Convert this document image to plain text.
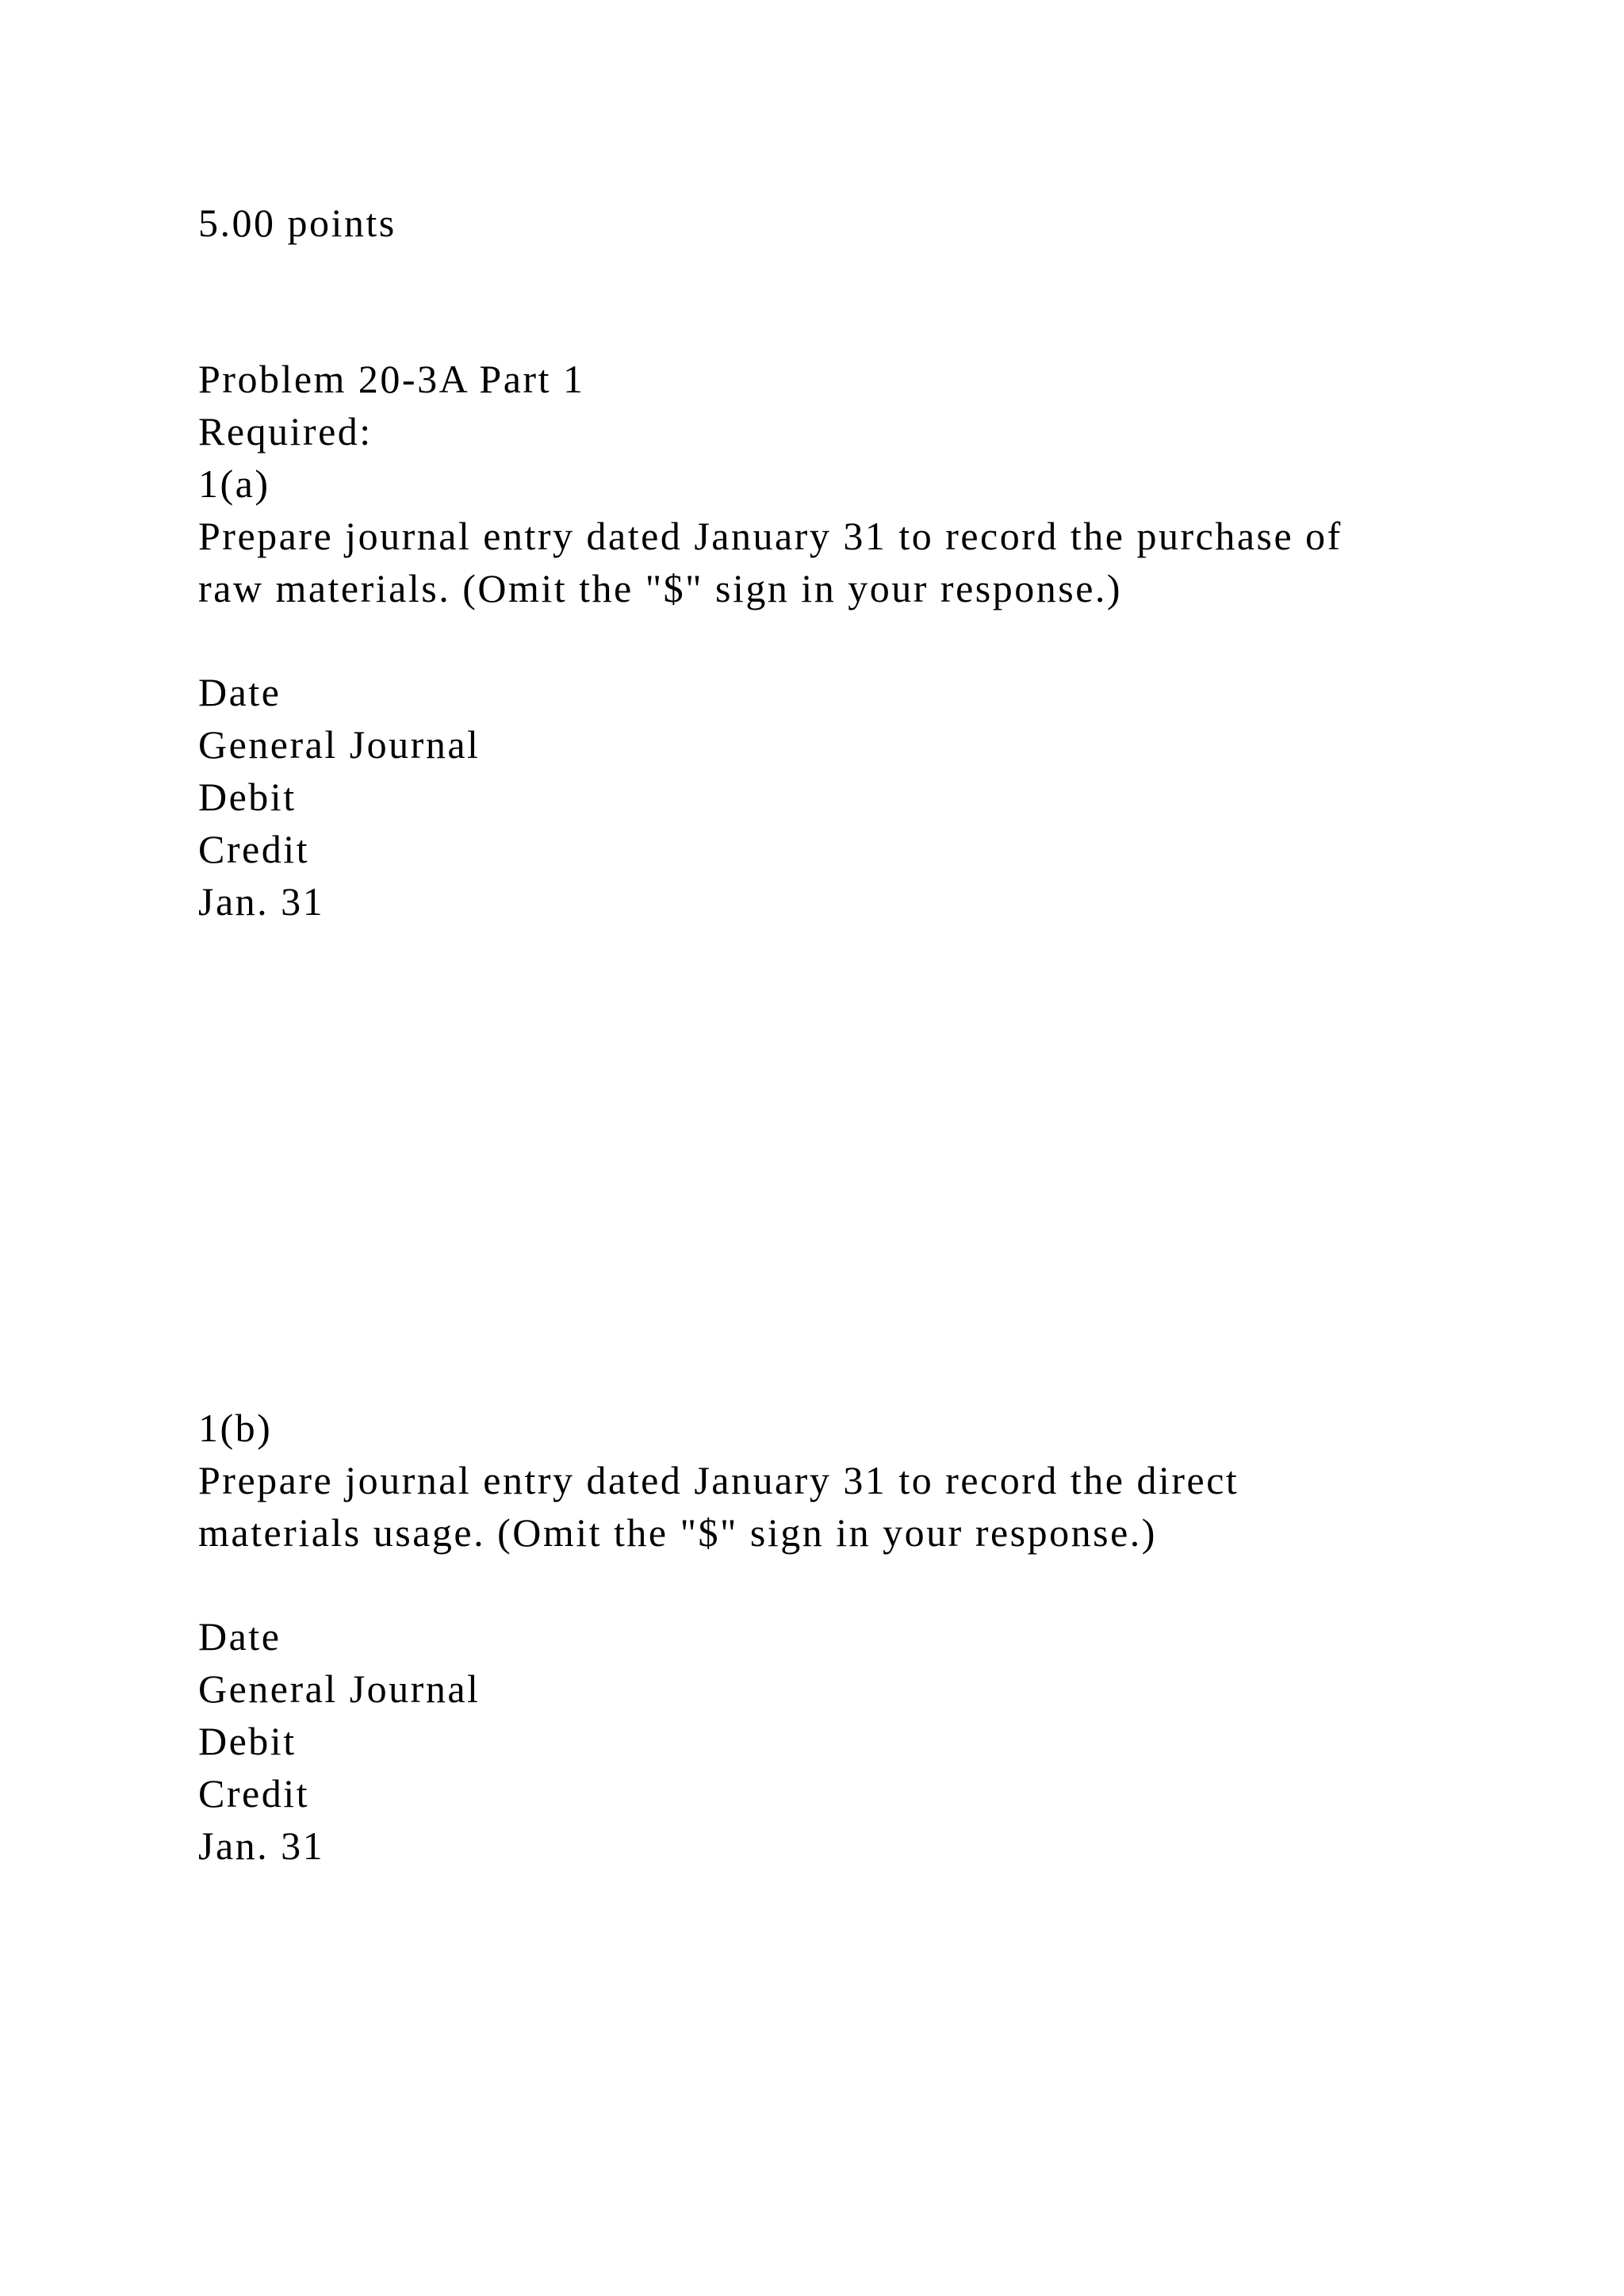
5.00 points

Problem 20-3A Part 1

Required:

1(a)

Prepare journal entry dated January 31 to record the purchase of

raw materials. (Omit the "$" sign in your response.)

Date

General Journal

Debit

Credit

Jan. 31

1(b)

Prepare journal entry dated January 31 to record the direct

materials usage. (Omit the "$" sign in your response.)

Date

General Journal

Debit

Credit

Jan. 31
